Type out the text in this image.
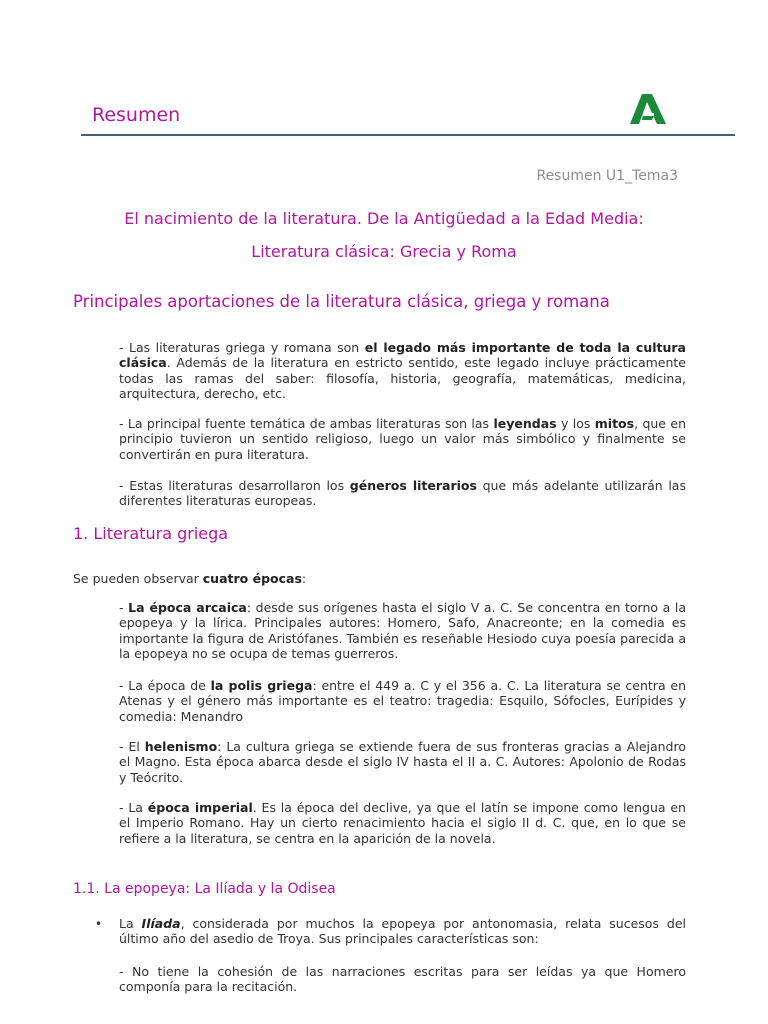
Resumen
Resumen U1_Tema3
El nacimiento de la literatura. De la Antigüedad a la Edad Media:
Literatura clásica: Grecia y Roma
Principales aportaciones de la literatura clásica, griega y romana
- Las literaturas griega y romana son el legado más importante de toda la cultura clásica. Además de la literatura en estricto sentido, este legado incluye prácticamente todas las ramas del saber: filosofía, historia, geografía, matemáticas, medicina, arquitectura, derecho, etc.
- La principal fuente temática de ambas literaturas son las leyendas y los mitos, que en principio tuvieron un sentido religioso, luego un valor más simbólico y finalmente se convertirán en pura literatura.
- Estas literaturas desarrollaron los géneros literarios que más adelante utilizarán las diferentes literaturas europeas.
1. Literatura griega
Se pueden observar cuatro épocas:
- La época arcaica: desde sus orígenes hasta el siglo V a. C. Se concentra en torno a la epopeya y la lírica. Principales autores: Homero, Safo, Anacreonte; en la comedia es importante la figura de Aristófanes. También es reseñable Hesiodo cuya poesía parecida a la epopeya no se ocupa de temas guerreros.
- La época de la polis griega: entre el 449 a. C y el 356 a. C. La literatura se centra en Atenas y el género más importante es el teatro: tragedia: Esquilo, Sófocles, Eurípides y comedia: Menandro
- El helenismo: La cultura griega se extiende fuera de sus fronteras gracias a Alejandro el Magno. Esta época abarca desde el siglo IV hasta el II a. C. Autores: Apolonio de Rodas y Teócrito.
- La época imperial. Es la época del declive, ya que el latín se impone como lengua en el Imperio Romano. Hay un cierto renacimiento hacia el siglo II d. C. que, en lo que se refiere a la literatura, se centra en la aparición de la novela.
1.1. La epopeya: La Ilíada y la Odisea
• La Ilíada, considerada por muchos la epopeya por antonomasia, relata sucesos del último año del asedio de Troya. Sus principales características son:
- No tiene la cohesión de las narraciones escritas para ser leídas ya que Homero componía para la recitación.
